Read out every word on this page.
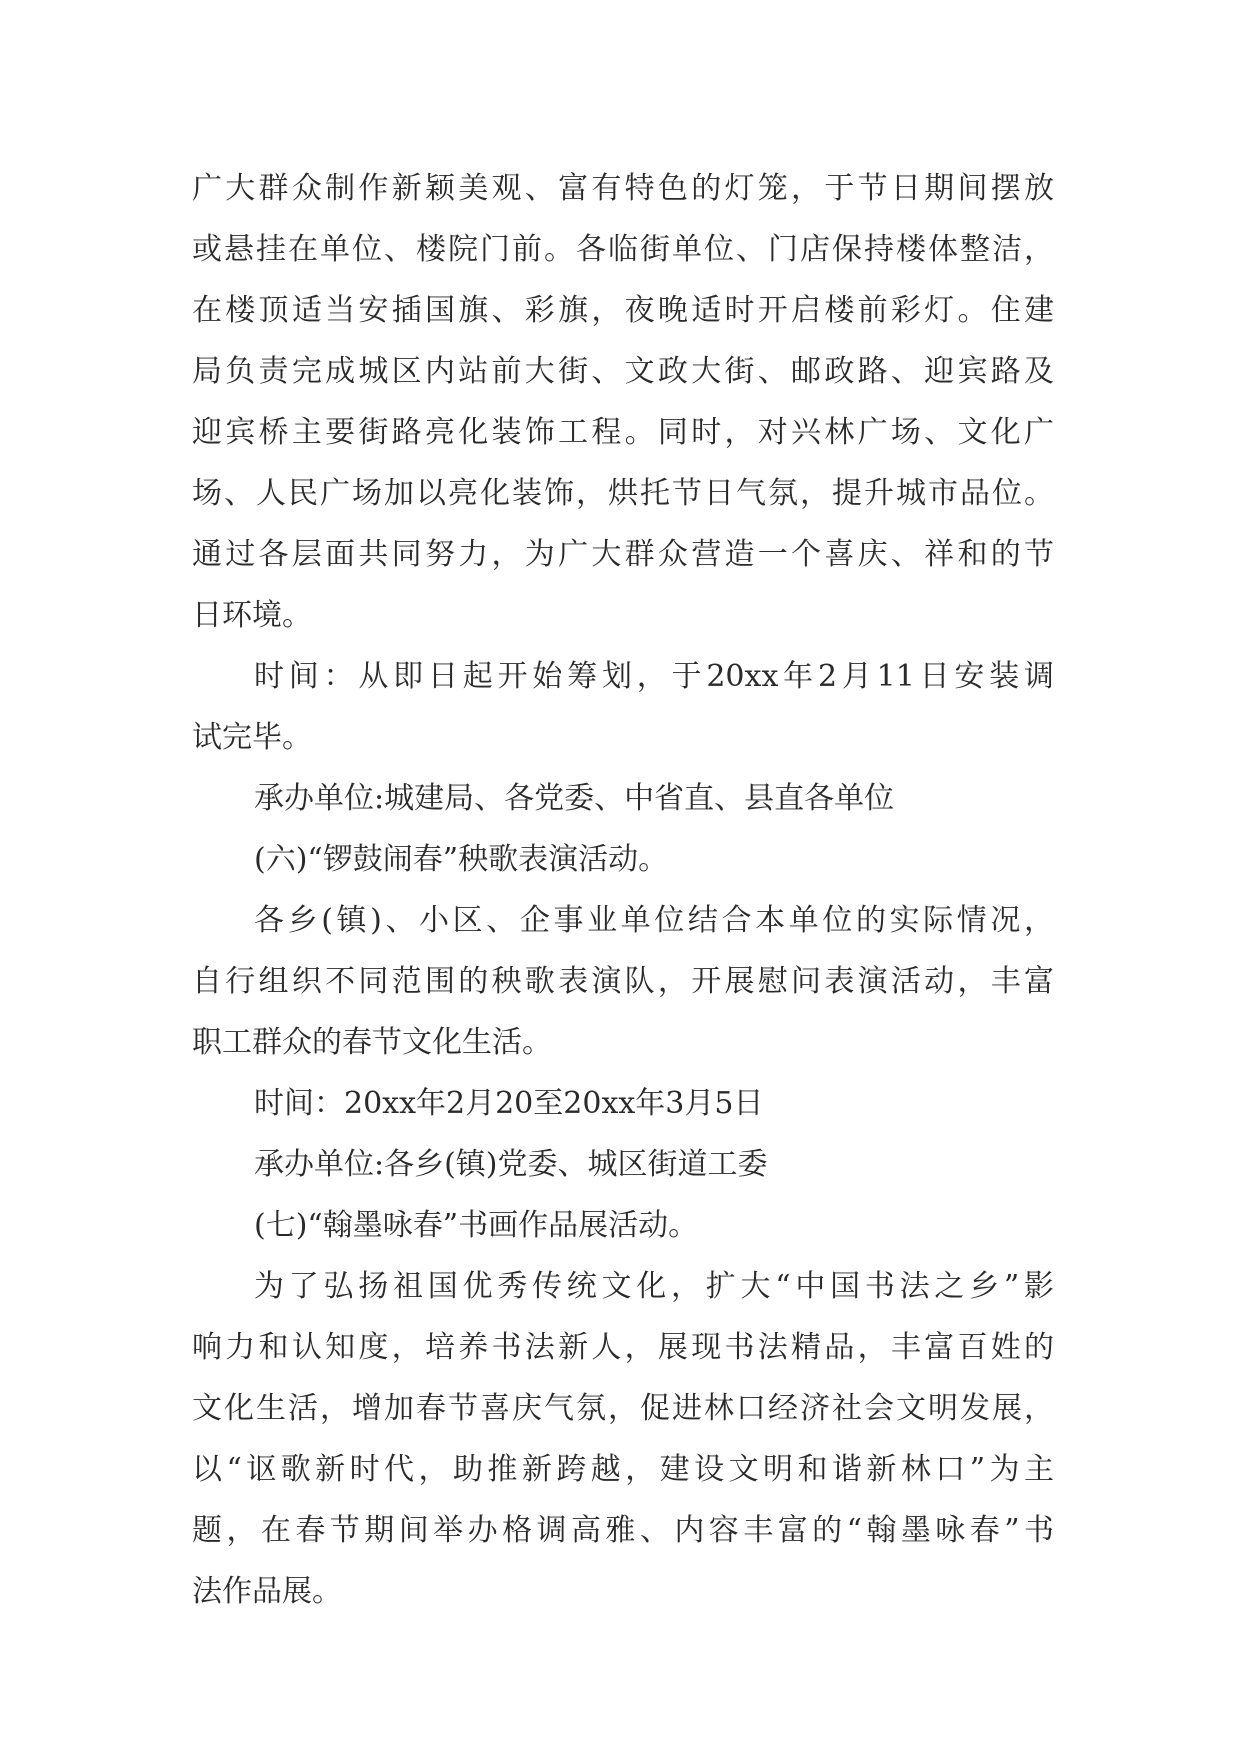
广大群众制作新颖美观、富有特色的灯笼，于节日期间摆放
或悬挂在单位、楼院门前。各临街单位、门店保持楼体整洁，
在楼顶适当安插国旗、彩旗，夜晚适时开启楼前彩灯。住建
局负责完成城区内站前大街、文政大街、邮政路、迎宾路及
迎宾桥主要街路亮化装饰工程。同时，对兴林广场、文化广
场、人民广场加以亮化装饰，烘托节日气氛，提升城市品位。
通过各层面共同努力，为广大群众营造一个喜庆、祥和的节
日环境。
时间：从即日起开始筹划，于20xx年2月11日安装调
试完毕。
承办单位:城建局、各党委、中省直、县直各单位
(六)“锣鼓闹春”秧歌表演活动。
各乡(镇)、小区、企事业单位结合本单位的实际情况，
自行组织不同范围的秧歌表演队，开展慰问表演活动，丰富
职工群众的春节文化生活。
时间：20xx年2月20至20xx年3月5日
承办单位:各乡(镇)党委、城区街道工委
(七)“翰墨咏春”书画作品展活动。
为了弘扬祖国优秀传统文化，扩大“中国书法之乡”影
响力和认知度，培养书法新人，展现书法精品，丰富百姓的
文化生活，增加春节喜庆气氛，促进林口经济社会文明发展，
以“讴歌新时代，助推新跨越，建设文明和谐新林口”为主
题，在春节期间举办格调高雅、内容丰富的“翰墨咏春”书
法作品展。
